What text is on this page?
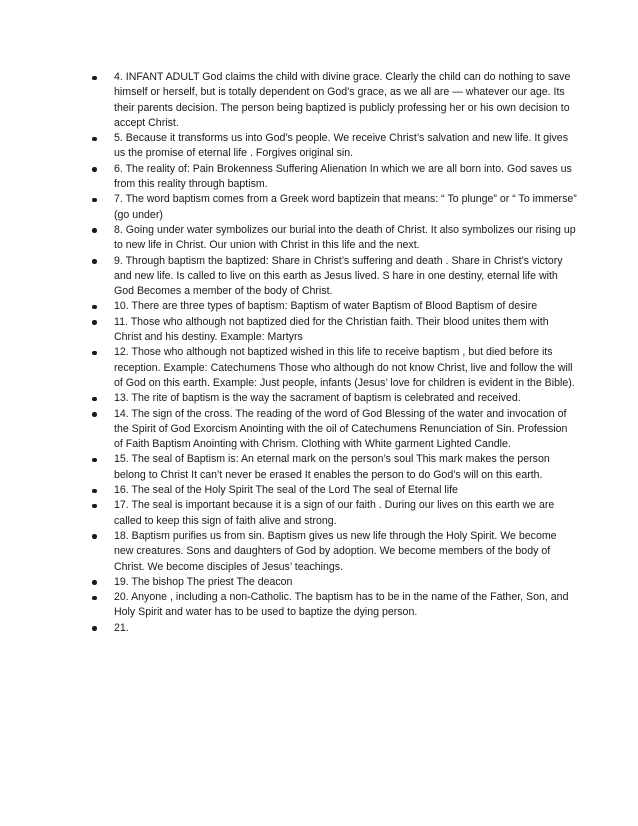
4. INFANT ADULT God claims the child with divine grace. Clearly the child can do nothing to save himself or herself, but is totally dependent on God's grace, as we all are — whatever our age. Its their parents decision. The person being baptized is publicly professing her or his own decision to accept Christ.
5. Because it transforms us into God’s people. We receive Christ’s salvation and new life. It gives us the promise of eternal life . Forgives original sin.
6. The reality of: Pain Brokenness Suffering Alienation In which we are all born into. God saves us from this reality through baptism.
7. The word baptism comes from a Greek word baptizein that means: “ To plunge” or “ To immerse” (go under)
8. Going under water symbolizes our burial into the death of Christ. It also symbolizes our rising up to new life in Christ. Our union with Christ in this life and the next.
9. Through baptism the baptized: Share in Christ’s suffering and death . Share in Christ’s victory and new life. Is called to live on this earth as Jesus lived. S hare in one destiny, eternal life with God Becomes a member of the body of Christ.
10. There are three types of baptism: Baptism of water Baptism of Blood Baptism of desire
11. Those who although not baptized died for the Christian faith. Their blood unites them with Christ and his destiny. Example: Martyrs
12. Those who although not baptized wished in this life to receive baptism , but died before its reception. Example: Catechumens Those who although do not know Christ, live and follow the will of God on this earth. Example: Just people, infants (Jesus’ love for children is evident in the Bible).
13. The rite of baptism is the way the sacrament of baptism is celebrated and received.
14. The sign of the cross. The reading of the word of God Blessing of the water and invocation of the Spirit of God Exorcism Anointing with the oil of Catechumens Renunciation of Sin. Profession of Faith Baptism Anointing with Chrism. Clothing with White garment Lighted Candle.
15. The seal of Baptism is: An eternal mark on the person’s soul This mark makes the person belong to Christ It can’t never be erased It enables the person to do God’s will on this earth.
16. The seal of the Holy Spirit The seal of the Lord The seal of Eternal life
17. The seal is important because it is a sign of our faith . During our lives on this earth we are called to keep this sign of faith alive and strong.
18. Baptism purifies us from sin. Baptism gives us new life through the Holy Spirit. We become new creatures. Sons and daughters of God by adoption. We become members of the body of Christ. We become disciples of Jesus’ teachings.
19. The bishop The priest The deacon
20. Anyone , including a non-Catholic. The baptism has to be in the name of the Father, Son, and Holy Spirit and water has to be used to baptize the dying person.
21.
